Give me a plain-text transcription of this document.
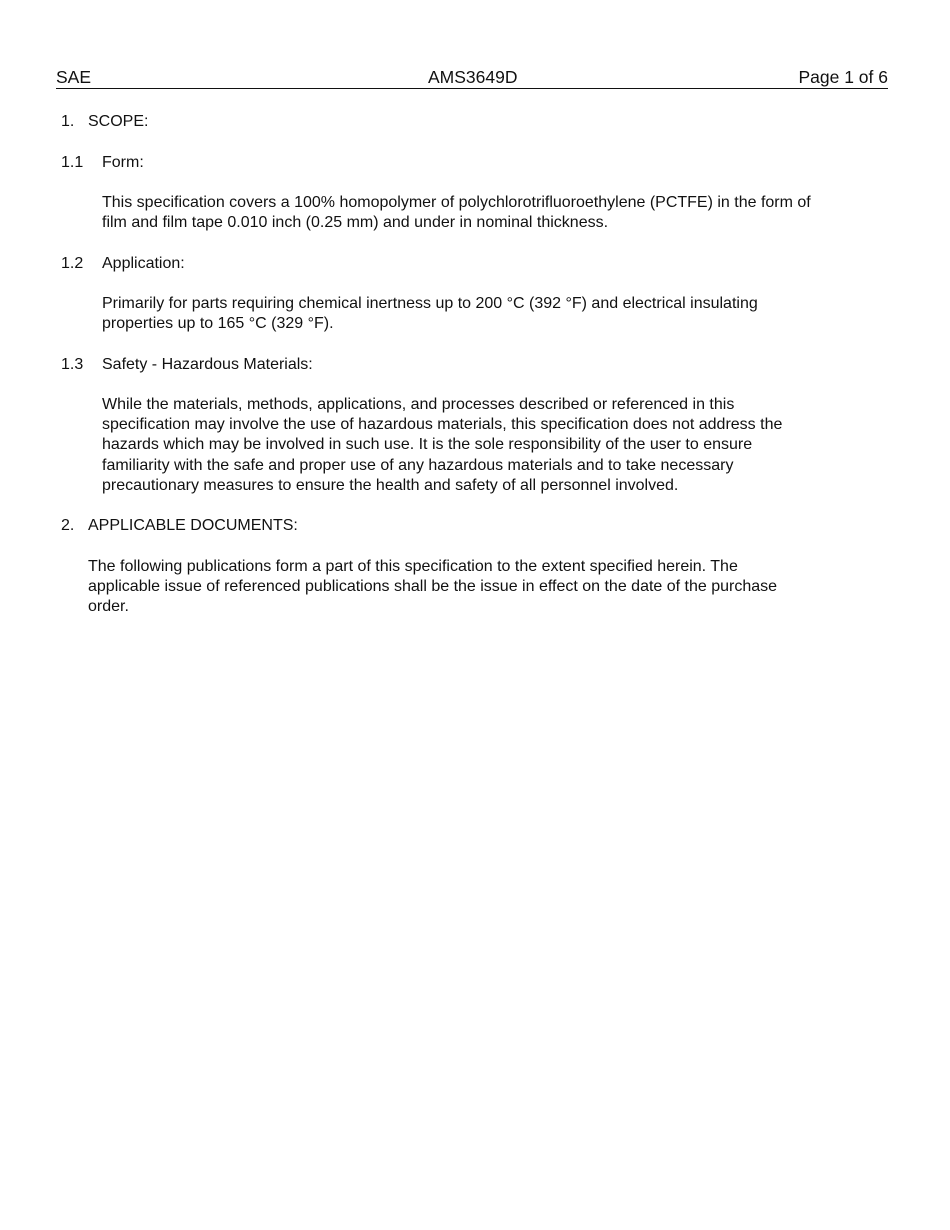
SAE	AMS3649D	Page 1 of 6
1. SCOPE:
1.1 Form:
This specification covers a 100% homopolymer of polychlorotrifluoroethylene (PCTFE) in the form of
film and film tape 0.010 inch (0.25 mm) and under in nominal thickness.
1.2 Application:
Primarily for parts requiring chemical inertness up to 200 °C (392 °F) and electrical insulating
properties up to 165 °C (329 °F).
1.3 Safety - Hazardous Materials:
While the materials, methods, applications, and processes described or referenced in this
specification may involve the use of hazardous materials, this specification does not address the
hazards which may be involved in such use. It is the sole responsibility of the user to ensure
familiarity with the safe and proper use of any hazardous materials and to take necessary
precautionary measures to ensure the health and safety of all personnel involved.
2. APPLICABLE DOCUMENTS:
The following publications form a part of this specification to the extent specified herein. The
applicable issue of referenced publications shall be the issue in effect on the date of the purchase
order.
